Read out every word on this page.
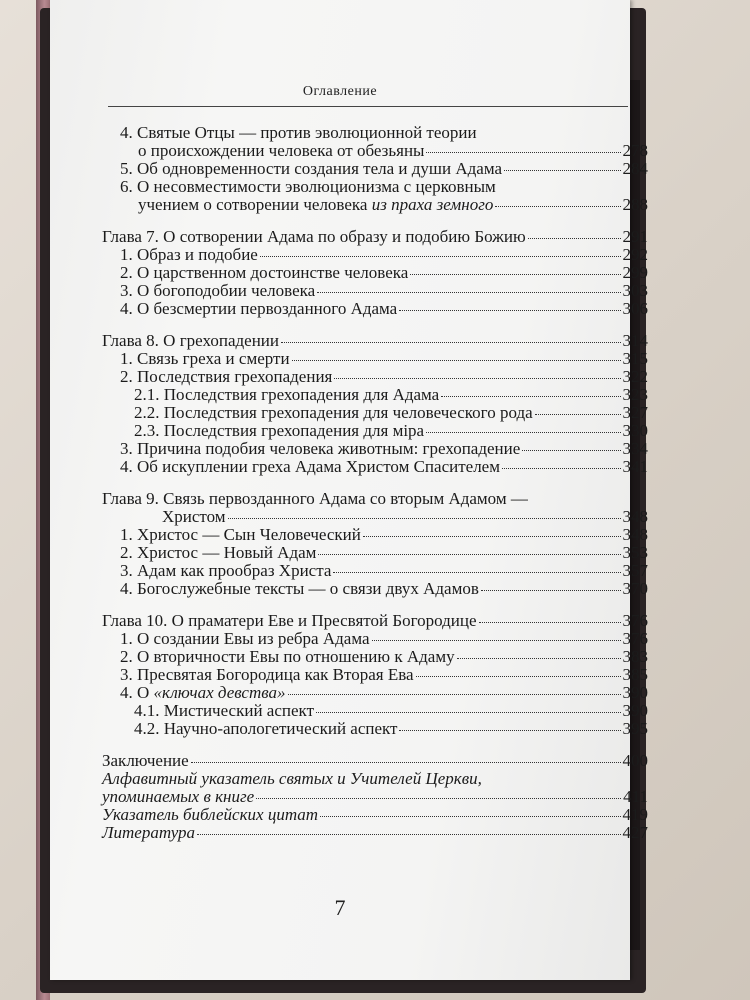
Оглавление
4. Святые Отцы — против эволюционной теории
о происхождении человека от обезьяны	278
5. Об одновременности создания тела и души Адама	284
6. О несовместимости эволюционизма с церковным
учением о сотворении человека из праха земного	288
Глава 7. О сотворении Адама по образу и подобию Божию	291
1. Образ и подобие	292
2. О царственном достоинстве человека	299
3. О богоподобии человека	303
4. О безсмертии первозданного Адама	306
Глава 8. О грехопадении	314
1. Связь греха и смерти	315
2. Последствия грехопадения	322
2.1. Последствия грехопадения для Адама	323
2.2. Последствия грехопадения для человеческого рода	327
2.3. Последствия грехопадения для міра	330
3. Причина подобия человека животным: грехопадение	334
4. Об искуплении греха Адама Христом Спасителем	341
Глава 9. Связь первозданного Адама со вторым Адамом —
Христом	348
1. Христос — Сын Человеческий	348
2. Христос — Новый Адам	353
3. Адам как прообраз Христа	357
4. Богослужебные тексты — о связи двух Адамов	370
Глава 10. О праматери Еве и Пресвятой Богородице	376
1. О создании Евы из ребра Адама	376
2. О вторичности Евы по отношению к Адаму	383
3. Пресвятая Богородица как Вторая Ева	385
4. О «ключах девства»	390
4.1. Мистический аспект	390
4.2. Научно-апологетический аспект	395
Заключение	400
Алфавитный указатель святых и Учителей Церкви,
упоминаемых в книге	411
Указатель библейских цитат	419
Литература	427
7
